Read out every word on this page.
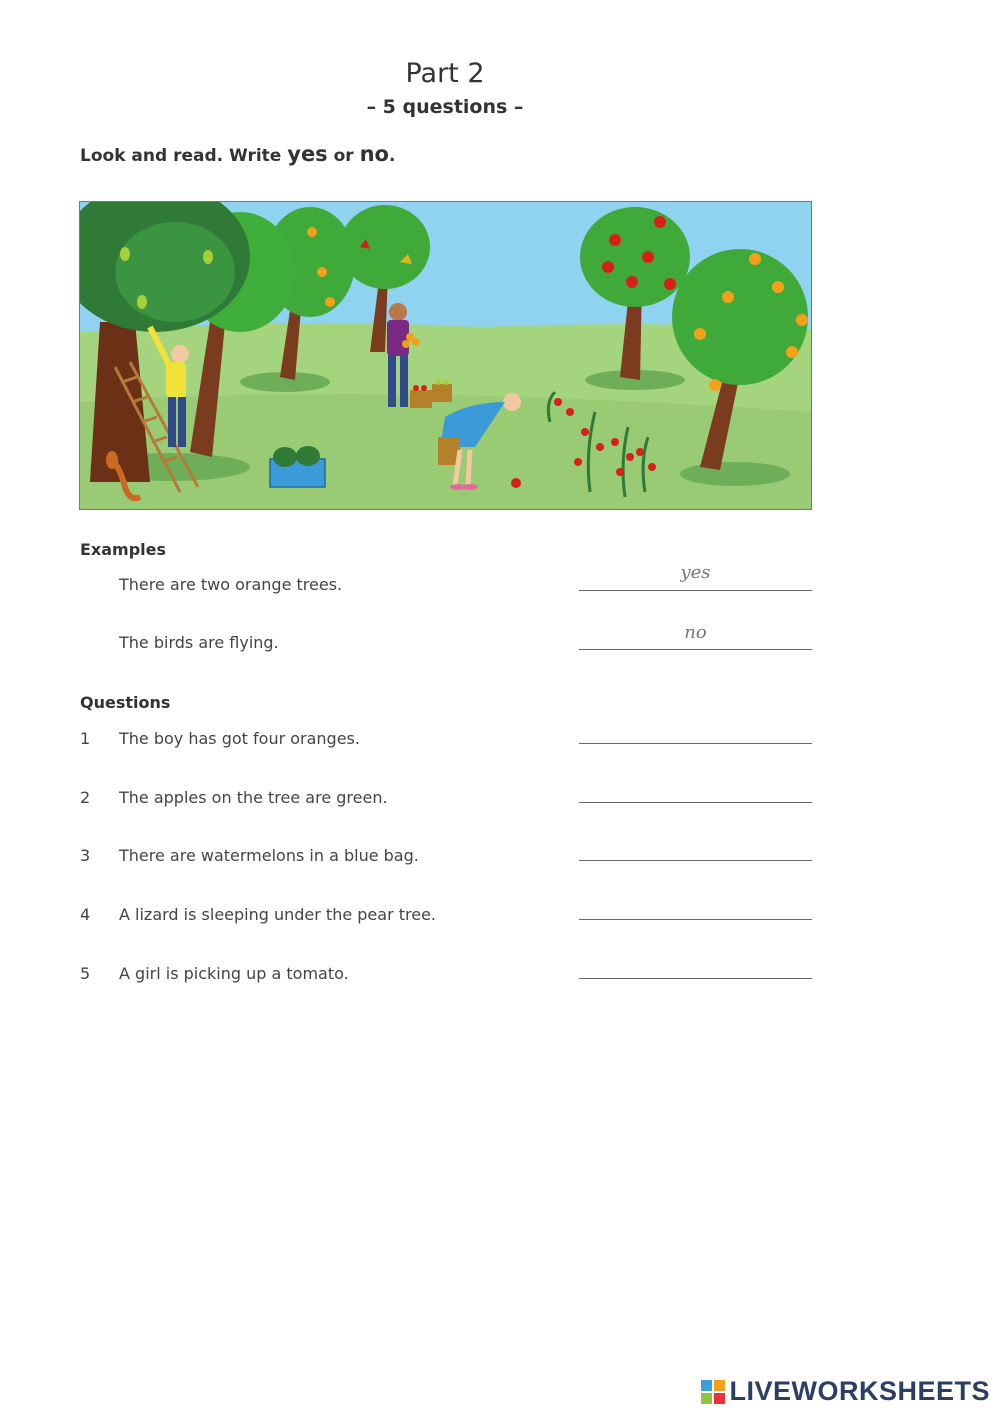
Part 2
– 5 questions –
Look and read. Write yes or no.
Examples
There are two orange trees.
yes
The birds are flying.	no
Questions
1 The boy has got four oranges.
2 The apples on the tree are green.
3 There are watermelons in a blue bag.
4 A lizard is sleeping under the pear tree.
5 A girl is picking up a tomato.
LIVEWORKSHEETS
